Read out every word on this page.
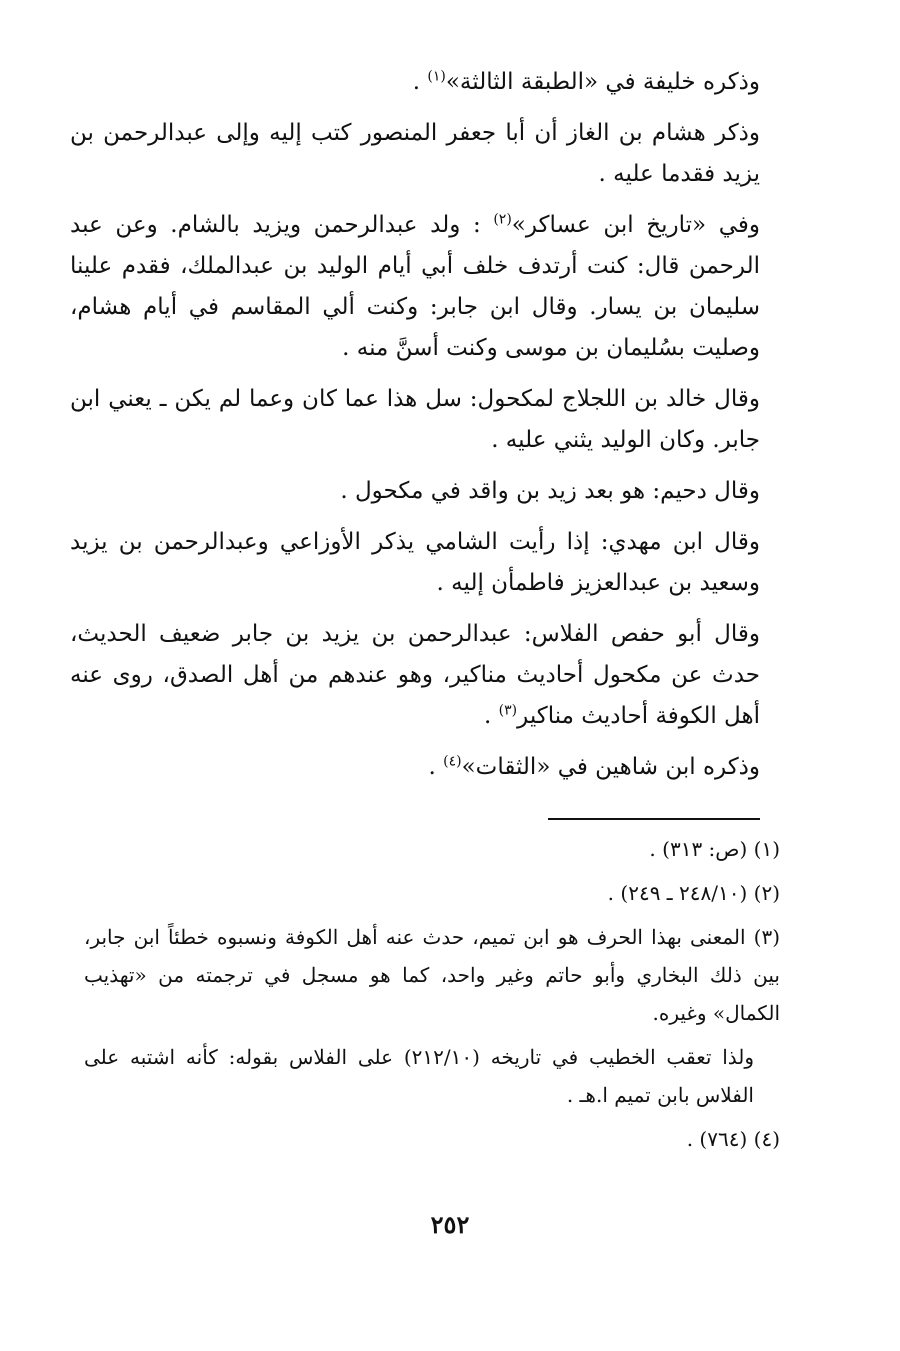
وذكره خليفة في «الطبقة الثالثة»$^{(١)}$ .

وذكر هشام بن الغاز أن أبا جعفر المنصور كتب إليه وإلى عبدالرحمن بن يزيد فقدما عليه .

وفي «تاريخ ابن عساكر»$^{(٢)}$ : ولد عبدالرحمن ويزيد بالشام. وعن عبد الرحمن قال: كنت أرتدف خلف أبي أيام الوليد بن عبدالملك، فقدم علينا سليمان بن يسار. وقال ابن جابر: وكنت ألي المقاسم في أيام هشام، وصليت بسُليمان بن موسى وكنت أسنَّ منه .

وقال خالد بن اللجلاج لمكحول: سل هذا عما كان وعما لم يكن ـ يعني ابن جابر. وكان الوليد يثني عليه .

وقال دحيم: هو بعد زيد بن واقد في مكحول .

وقال ابن مهدي: إذا رأيت الشامي يذكر الأوزاعي وعبدالرحمن بن يزيد وسعيد بن عبدالعزيز فاطمأن إليه .

وقال أبو حفص الفلاس: عبدالرحمن بن يزيد بن جابر ضعيف الحديث، حدث عن مكحول أحاديث مناكير، وهو عندهم من أهل الصدق، روى عنه أهل الكوفة أحاديث مناكير$^{(٣)}$ .

وذكره ابن شاهين في «الثقات»$^{(٤)}$ .

(١) (ص: ٣١٣) .

(٢) (٢٤٨/١٠ ـ ٢٤٩) .

(٣) المعنى بهذا الحرف هو ابن تميم، حدث عنه أهل الكوفة ونسبوه خطئاً ابن جابر، بين ذلك البخاري وأبو حاتم وغير واحد، كما هو مسجل في ترجمته من «تهذيب الكمال» وغيره.

ولذا تعقب الخطيب في تاريخه (٢١٢/١٠) على الفلاس بقوله: كأنه اشتبه على الفلاس بابن تميم ا.هـ .

(٤) (٧٦٤) .

٢٥٢
